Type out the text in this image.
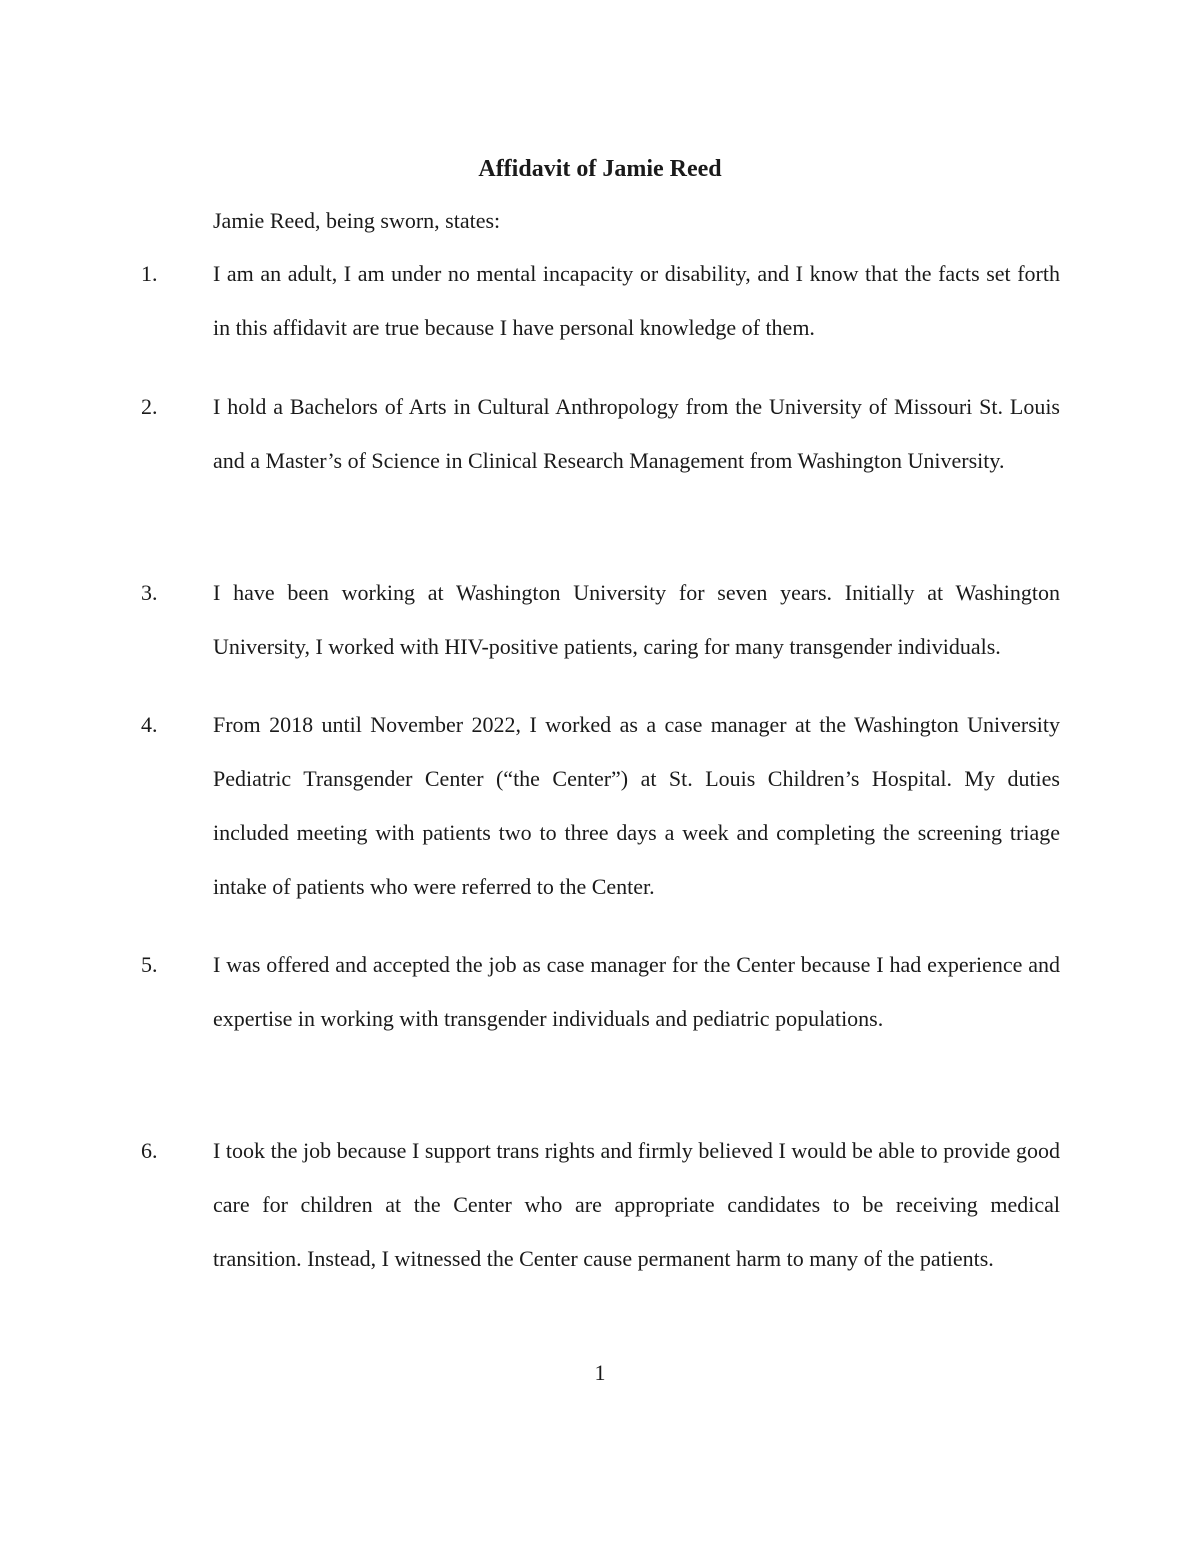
Affidavit of Jamie Reed
Jamie Reed, being sworn, states:
1.	I am an adult, I am under no mental incapacity or disability, and I know that the facts set forth in this affidavit are true because I have personal knowledge of them.
2.	I hold a Bachelors of Arts in Cultural Anthropology from the University of Missouri St. Louis and a Master’s of Science in Clinical Research Management from Washington University.
3.	I have been working at Washington University for seven years. Initially at Washington University, I worked with HIV-positive patients, caring for many transgender individuals.
4.	From 2018 until November 2022, I worked as a case manager at the Washington University Pediatric Transgender Center (“the Center”) at St. Louis Children’s Hospital. My duties included meeting with patients two to three days a week and completing the screening triage intake of patients who were referred to the Center.
5.	I was offered and accepted the job as case manager for the Center because I had experience and expertise in working with transgender individuals and pediatric populations.
6.	I took the job because I support trans rights and firmly believed I would be able to provide good care for children at the Center who are appropriate candidates to be receiving medical transition. Instead, I witnessed the Center cause permanent harm to many of the patients.
1
